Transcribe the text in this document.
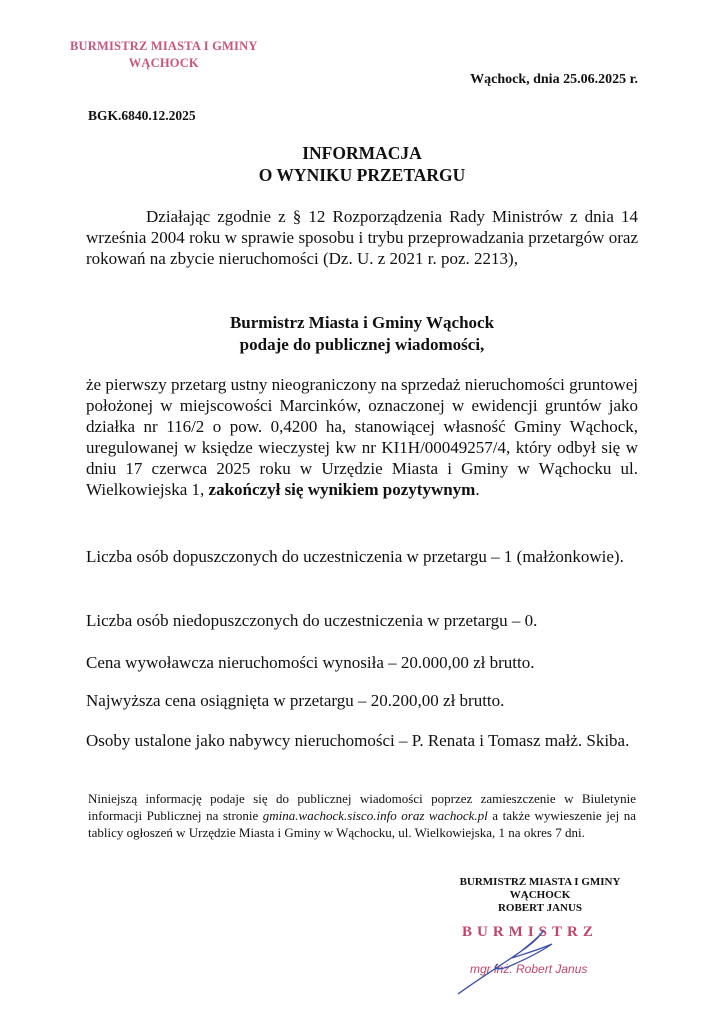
BURMISTRZ MIASTA I GMINY
WĄCHOCK
Wąchock, dnia 25.06.2025 r.
BGK.6840.12.2025
INFORMACJA
O WYNIKU PRZETARGU
Działając zgodnie z § 12 Rozporządzenia Rady Ministrów z dnia 14 września 2004 roku w sprawie sposobu i trybu przeprowadzania przetargów oraz rokowań na zbycie nieruchomości (Dz. U. z 2021 r. poz. 2213),
Burmistrz Miasta i Gminy Wąchock
podaje do publicznej wiadomości,
że pierwszy przetarg ustny nieograniczony na sprzedaż nieruchomości gruntowej położonej w miejscowości Marcinków, oznaczonej w ewidencji gruntów jako działka nr 116/2 o pow. 0,4200 ha, stanowiącej własność Gminy Wąchock, uregulowanej w księdze wieczystej kw nr KI1H/00049257/4, który odbył się w dniu 17 czerwca 2025 roku w Urzędzie Miasta i Gminy w Wąchocku ul. Wielkowiejska 1, zakończył się wynikiem pozytywnym.
Liczba osób dopuszczonych do uczestniczenia w przetargu – 1 (małżonkowie).
Liczba osób niedopuszczonych do uczestniczenia w przetargu – 0.
Cena wywoławcza nieruchomości wynosiła – 20.000,00 zł brutto.
Najwyższa cena osiągnięta w przetargu – 20.200,00 zł brutto.
Osoby ustalone jako nabywcy nieruchomości – P. Renata i Tomasz małż. Skiba.
Niniejszą informację podaje się do publicznej wiadomości poprzez zamieszczenie w Biuletynie informacji Publicznej na stronie gmina.wachock.sisco.info oraz wachock.pl a także wywieszenie jej na tablicy ogłoszeń w Urzędzie Miasta i Gminy w Wąchocku, ul. Wielkowiejska, 1 na okres 7 dni.
BURMISTRZ MIASTA I GMINY
WĄCHOCK
ROBERT JANUS
BURMISTRZ
mgr inż. Robert Janus
